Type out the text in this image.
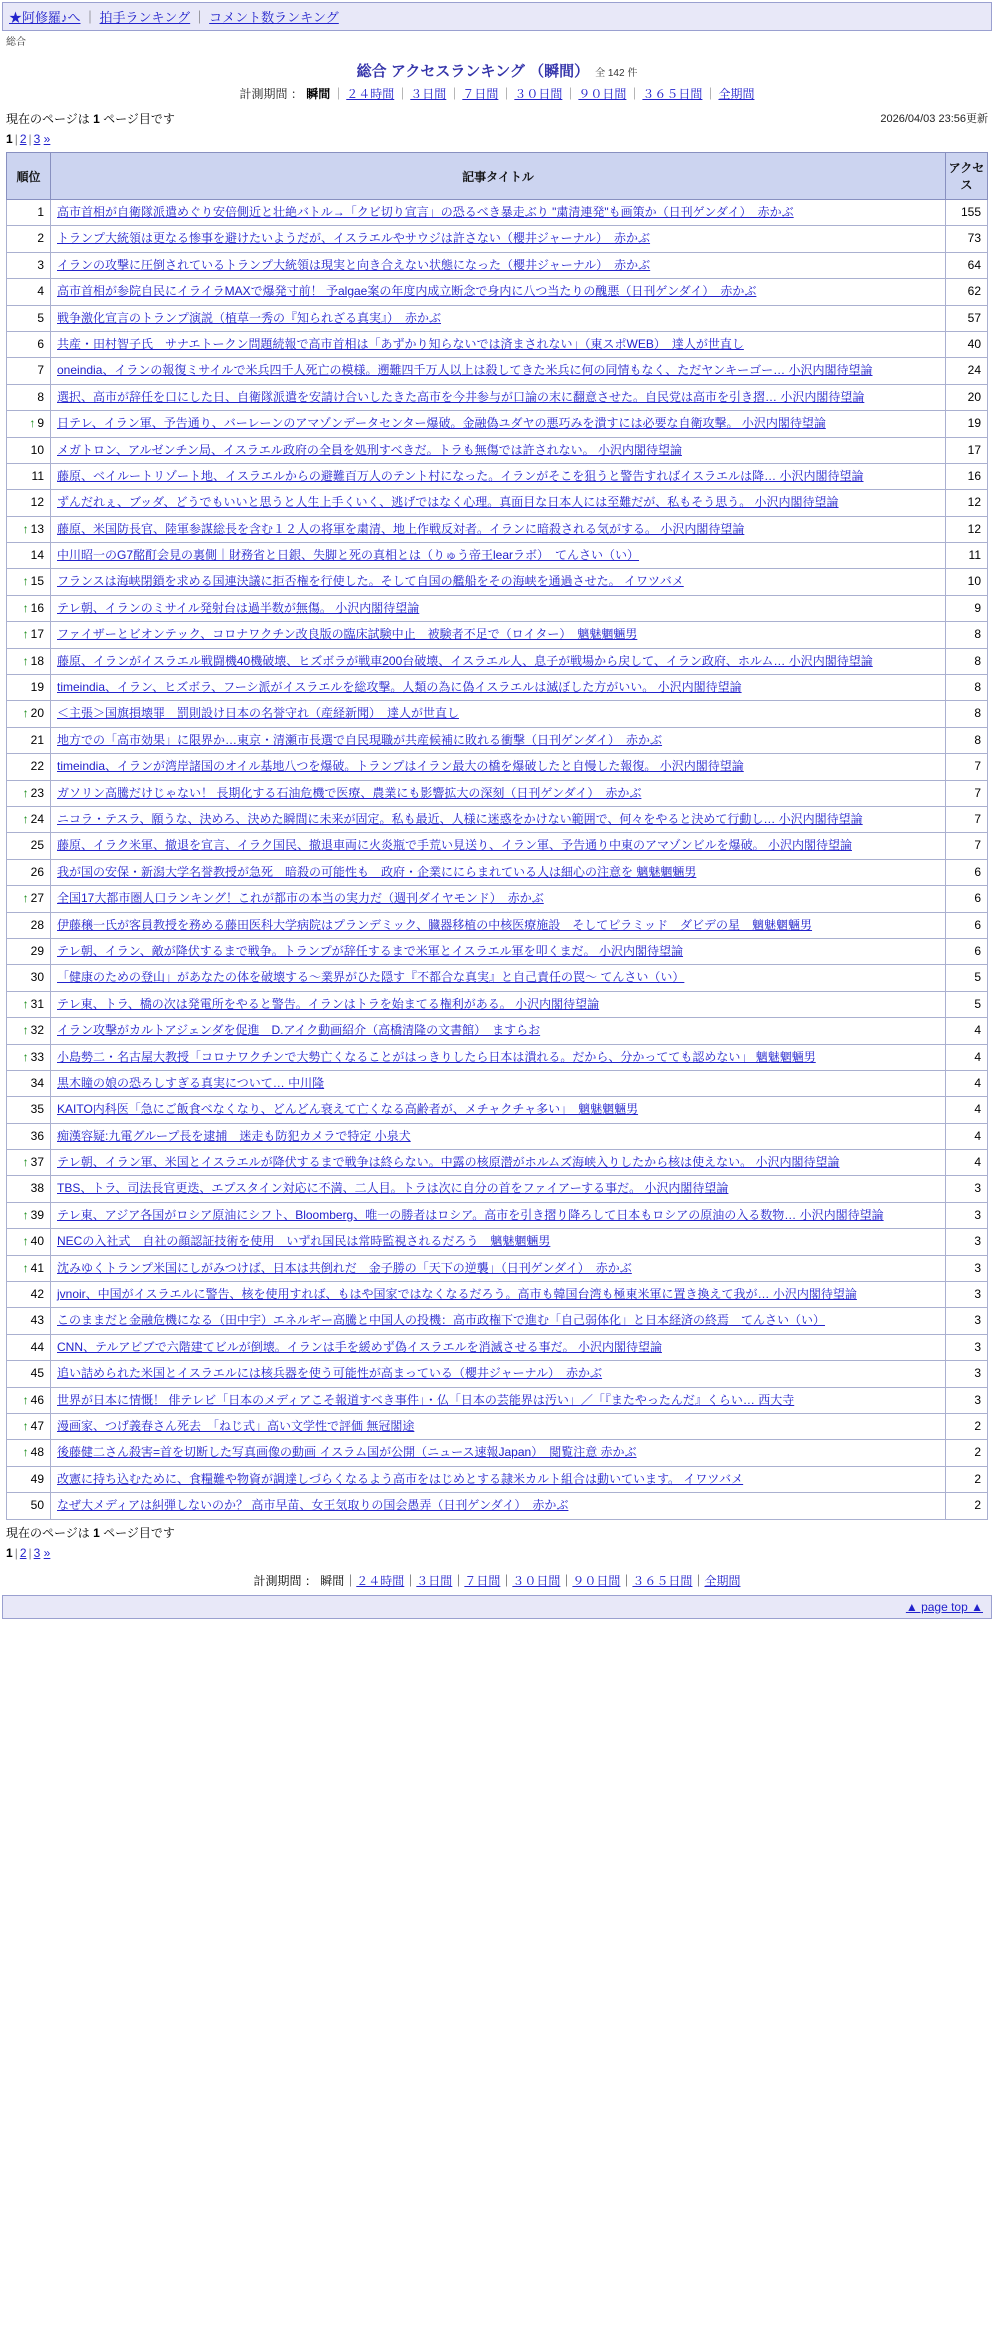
★阿修羅♪へ ｜ 拍手ランキング ｜ コメント数ランキング
総合
総合 アクセスランキング （瞬間） 全 142 件
計測期間 ： 瞬間 ｜ ２４時間 ｜ ３日間 ｜ ７日間 ｜ ３０日間 ｜ ９０日間 ｜ ３６５日間 ｜ 全期間
現在のページは 1 ページ目です
1 | 2 | 3 »
2026/04/03 23:56更新
順位	記事タイトル	アクセス
1	高市首相が自衛隊派遣めぐり安倍側近と壮絶バトル→「クビ切り宣言」の恐るべき暴走ぶり "粛清連発"も画策か（日刊ゲンダイ）　赤かぶ	155
2	トランプ大統領は更なる惨事を避けたいようだが、イスラエルやサウジは許さない（櫻井ジャーナル）　赤かぶ	73
3	イランの攻撃に圧倒されているトランプ大統領は現実と向き合えない状態になった（櫻井ジャーナル）　赤かぶ	64
4	高市首相が参院自民にイライラMAXで爆発寸前！ 予algae案の年度内成立断念で身内に八つ当たりの醜悪（日刊ゲンダイ）　赤かぶ	62
5	戦争激化宣言のトランプ演説（植草一秀の『知られざる真実』）　赤かぶ	57
6	共産・田村智子氏　サナエトークン問題続報で高市首相は「あずかり知らないでは済まされない」（東スポWEB）　達人が世直し	40
7	oneindia、イランの報復ミサイルで米兵四千人死亡の模様。遡難四千万人以上は殺してきた米兵に何の同情もなく、ただヤンキーゴー… 小沢内閣待望論	24
8	選択、高市が辞任を口にした日、自衛隊派遣を安請け合いしたきた高市を今井参与が口論の末に翻意させた。自民党は高市を引き摺… 小沢内閣待望論	20
↑ 9	日テレ、イラン軍、予告通り、バーレーンのアマゾンデータセンター爆破。金融偽ユダヤの悪巧みを潰すには必要な自衛攻撃。 小沢内閣待望論	19
10	メガトロン、アルゼンチン局、イスラエル政府の全員を処刑すべきだ。トラも無傷では許されない。 小沢内閣待望論	17
11	藤原、ベイルートリゾート地、イスラエルからの避難百万人のテント村になった。イランがそこを狙うと警告すればイスラエルは降… 小沢内閣待望論	16
12	ずんだれぇ、ブッダ、どうでもいいと思うと人生上手くいく、逃げではなく心理。真面目な日本人には至難だが、私もそう思う。 小沢内閣待望論	12
↑ 13	藤原、米国防長官、陸軍参謀総長を含む１２人の将軍を粛清、地上作戦反対者。イランに暗殺される気がする。 小沢内閣待望論	12
14	中川昭一のG7酩酊会見の裏側｜財務省と日銀、失脚と死の真相とは（りゅう帝王learラボ）　てんさい（い）	11
↑ 15	フランスは海峡閉鎖を求める国連決議に拒否権を行使した。そして自国の艦船をその海峡を通過させた。 イワツバメ	10
↑ 16	テレ朝、イランのミサイル発射台は過半数が無傷。 小沢内閣待望論	9
↑ 17	ファイザーとビオンテック、コロナワクチン改良版の臨床試験中止　被験者不足で（ロイター）　魑魅魍魎男	8
↑ 18	藤原、イランがイスラエル戦闘機40機破壊、ヒズボラが戦車200台破壊、イスラエル人、息子が戦場から戻して、イラン政府、ホルム… 小沢内閣待望論	8
19	timeindia、イラン、ヒズボラ、フーシ派がイスラエルを総攻撃。人類の為に偽イスラエルは滅ぼした方がいい。 小沢内閣待望論	8
↑ 20	＜主張＞国旗損壊罪　罰則設け日本の名誉守れ（産経新聞）　達人が世直し	8
21	地方での「高市効果」に限界か…東京・清瀬市長選で自民現職が共産候補に敗れる衝撃（日刊ゲンダイ）　赤かぶ	8
22	timeindia、イランが湾岸諸国のオイル基地八つを爆破。トランプはイラン最大の橋を爆破したと自慢した報復。 小沢内閣待望論	7
↑ 23	ガソリン高騰だけじゃない！ 長期化する石油危機で医療、農業にも影響拡大の深刻（日刊ゲンダイ）　赤かぶ	7
↑ 24	ニコラ・テスラ、願うな、決めろ、決めた瞬間に未来が固定。私も最近、人様に迷惑をかけない範囲で、何々をやると決めて行動し… 小沢内閣待望論	7
25	藤原、イラク米軍、撤退を宣言、イラク国民、撤退車両に火炎瓶で手荒い見送り、イラン軍、予告通り中東のアマゾンビルを爆破。 小沢内閣待望論	7
26	我が国の安保・新潟大学名誉教授が急死　暗殺の可能性も　政府・企業ににらまれている人は細心の注意を 魑魅魍魎男	6
↑ 27	全国17大都市圏人口ランキング！これが都市の本当の実力だ（週刊ダイヤモンド）　赤かぶ	6
28	伊藤穣一氏が客員教授を務める藤田医科大学病院はプランデミック、臓器移植の中核医療施設　そしてピラミッド　ダビデの星　魑魅魍魎男	6
29	テレ朝、イラン、敵が降伏するまで戦争。トランプが辞任するまで米軍とイスラエル軍を叩くまだ。 小沢内閣待望論	6
30	「健康のための登山」があなたの体を破壊する～業界がひた隠す『不都合な真実』と自己責任の罠～ てんさい（い）	5
↑ 31	テレ東、トラ、橋の次は発電所をやると警告。イランはトラを始まてる権利がある。 小沢内閣待望論	5
↑ 32	イラン攻撃がカルトアジェンダを促進　D.アイク動画紹介（高橋清隆の文書館）　ますらお	4
↑ 33	小島勢二・名古屋大教授「コロナワクチンで大勢亡くなることがはっきりしたら日本は潰れる。だから、分かってても認めない」 魑魅魍魎男	4
34	黒木瞳の娘の恐ろしすぎる真実について… 中川隆	4
35	KAITO内科医「急にご飯食べなくなり、どんどん衰えて亡くなる高齢者が、メチャクチャ多い」　魑魅魍魎男	4
36	痴漢容疑:九電グループ長を逮捕　迷走も防犯カメラで特定 小泉犬	4
↑ 37	テレ朝、イラン軍、米国とイスラエルが降伏するまで戦争は終らない。中露の核原潜がホルムズ海峡入りしたから核は使えない。 小沢内閣待望論	4
38	TBS、トラ、司法長官更迭、エプスタイン対応に不満、二人目。トラは次に自分の首をファイアーする事だ。 小沢内閣待望論	3
↑ 39	テレ東、アジア各国がロシア原油にシフト、Bloomberg、唯一の勝者はロシア。高市を引き摺り降ろして日本もロシアの原油の入る数物… 小沢内閣待望論	3
↑ 40	NECの入社式　自社の顔認証技術を使用　いずれ国民は常時監視されるだろう　魑魅魍魎男	3
↑ 41	沈みゆくトランプ米国にしがみつけば、日本は共倒れだ　金子勝の「天下の逆襲」（日刊ゲンダイ）　赤かぶ	3
42	jvnoir、中国がイスラエルに警告、核を使用すれば、もはや国家ではなくなるだろう。高市も韓国台湾も極東米軍に置き換えて我が… 小沢内閣待望論	3
43	このままだと金融危機になる（田中宇）エネルギー高騰と中国人の投機：高市政権下で進む「自己弱体化」と日本経済の終焉　てんさい（い）	3
44	CNN、テルアビブで六階建てビルが倒壊。イランは手を緩めず偽イスラエルを消滅させる事だ。 小沢内閣待望論	3
45	追い詰められた米国とイスラエルには核兵器を使う可能性が高まっている（櫻井ジャーナル）　赤かぶ	3
↑ 46	世界が日本に情慨！ 俳テレビ「日本のメディアこそ報道すべき事件」・仏「日本の芸能界は汚い」／「『またやったんだ』くらい… 西大寺	3
↑ 47	漫画家、つげ義春さん死去　「ねじ式」高い文学性で評価 無冠閣途	2
↑ 48	後藤健二さん殺害=首を切断した写真画像の動画 イスラム国が公開（ニュース速報Japan）　閲覧注意 赤かぶ	2
49	改憲に持ち込むために、食糧難や物資が調達しづらくなるよう高市をはじめとする隷米カルト組合は動いています。 イワツバメ	2
50	なぜ大メディアは糾弾しないのか？ 高市早苗、女王気取りの国会愚弄（日刊ゲンダイ）　赤かぶ	2
現在のページは 1 ページ目です
1 | 2 | 3 »
計測期間 ： 瞬間｜２４時間｜３日間｜７日間｜３０日間｜９０日間｜３６５日間｜全期間
▲ page top ▲
